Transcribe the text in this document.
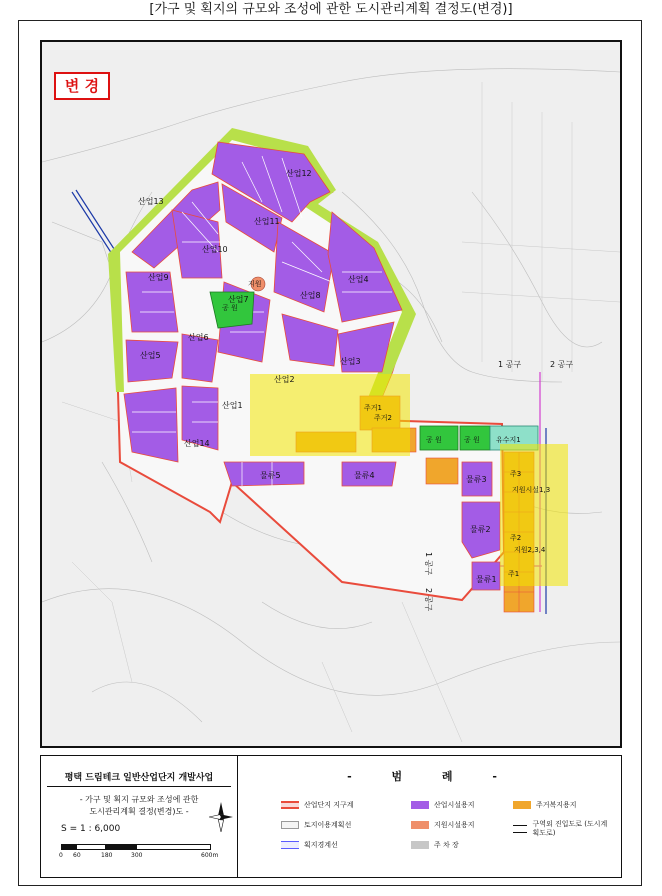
[가구 및 획지의 규모와 조성에 관한 도시관리계획 결정도(변경)]
산업12
산업13
산업11
산업10
산업9
산업8
산업7
산업6
산업5
산업4
산업3
산업2
산업1
산업14
공 원
공 원	공 원
지원
유수지1
물류5	물류4	물류3
물류2
물류1
주거1
주거2
주1
주2
주3
지원시설1,3
지원2,3,4
1 공구	2 공구
1 공구
2 공구
변 경
평택 드림테크 일반산업단지 개발사업
- 가구 및 획지 규모와 조성에 관한
도시관리계획 결정(변경)도 -
S = 1 : 6,000
0 60	180	300	600m
- 범 례 -
산업단지 지구계	산업시설용지	주거복지용지
토지이용계획선	지원시설용지	구역외 진입도로 (도시계획도로)
획지경계선	주 차 장
